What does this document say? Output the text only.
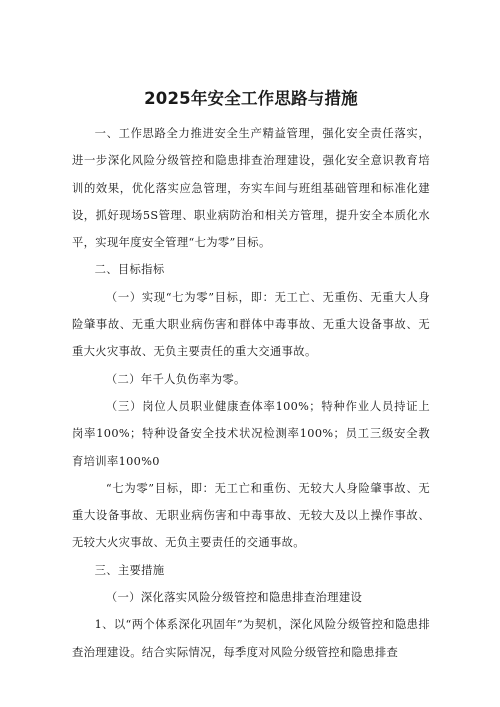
2025年安全工作思路与措施

一、工作思路全力推进安全生产精益管理，强化安全责任落实，进一步深化风险分级管控和隐患排查治理建设，强化安全意识教育培训的效果，优化落实应急管理，夯实车间与班组基础管理和标准化建设，抓好现场5S管理、职业病防治和相关方管理，提升安全本质化水平，实现年度安全管理“七为零”目标。

二、目标指标

（一）实现“七为零”目标，即：无工亡、无重伤、无重大人身险肇事故、无重大职业病伤害和群体中毒事故、无重大设备事故、无重大火灾事故、无负主要责任的重大交通事故。

（二）年千人负伤率为零。

（三）岗位人员职业健康查体率100%；特种作业人员持证上岗率100%；特种设备安全技术状况检测率100%；员工三级安全教育培训率100%0

“七为零”目标，即：无工亡和重伤、无较大人身险肇事故、无重大设备事故、无职业病伤害和中毒事故、无较大及以上操作事故、无较大火灾事故、无负主要责任的交通事故。

三、主要措施

（一）深化落实风险分级管控和隐患排查治理建设

1、以“两个体系深化巩固年”为契机，深化风险分级管控和隐患排查治理建设。结合实际情况，每季度对风险分级管控和隐患排查
